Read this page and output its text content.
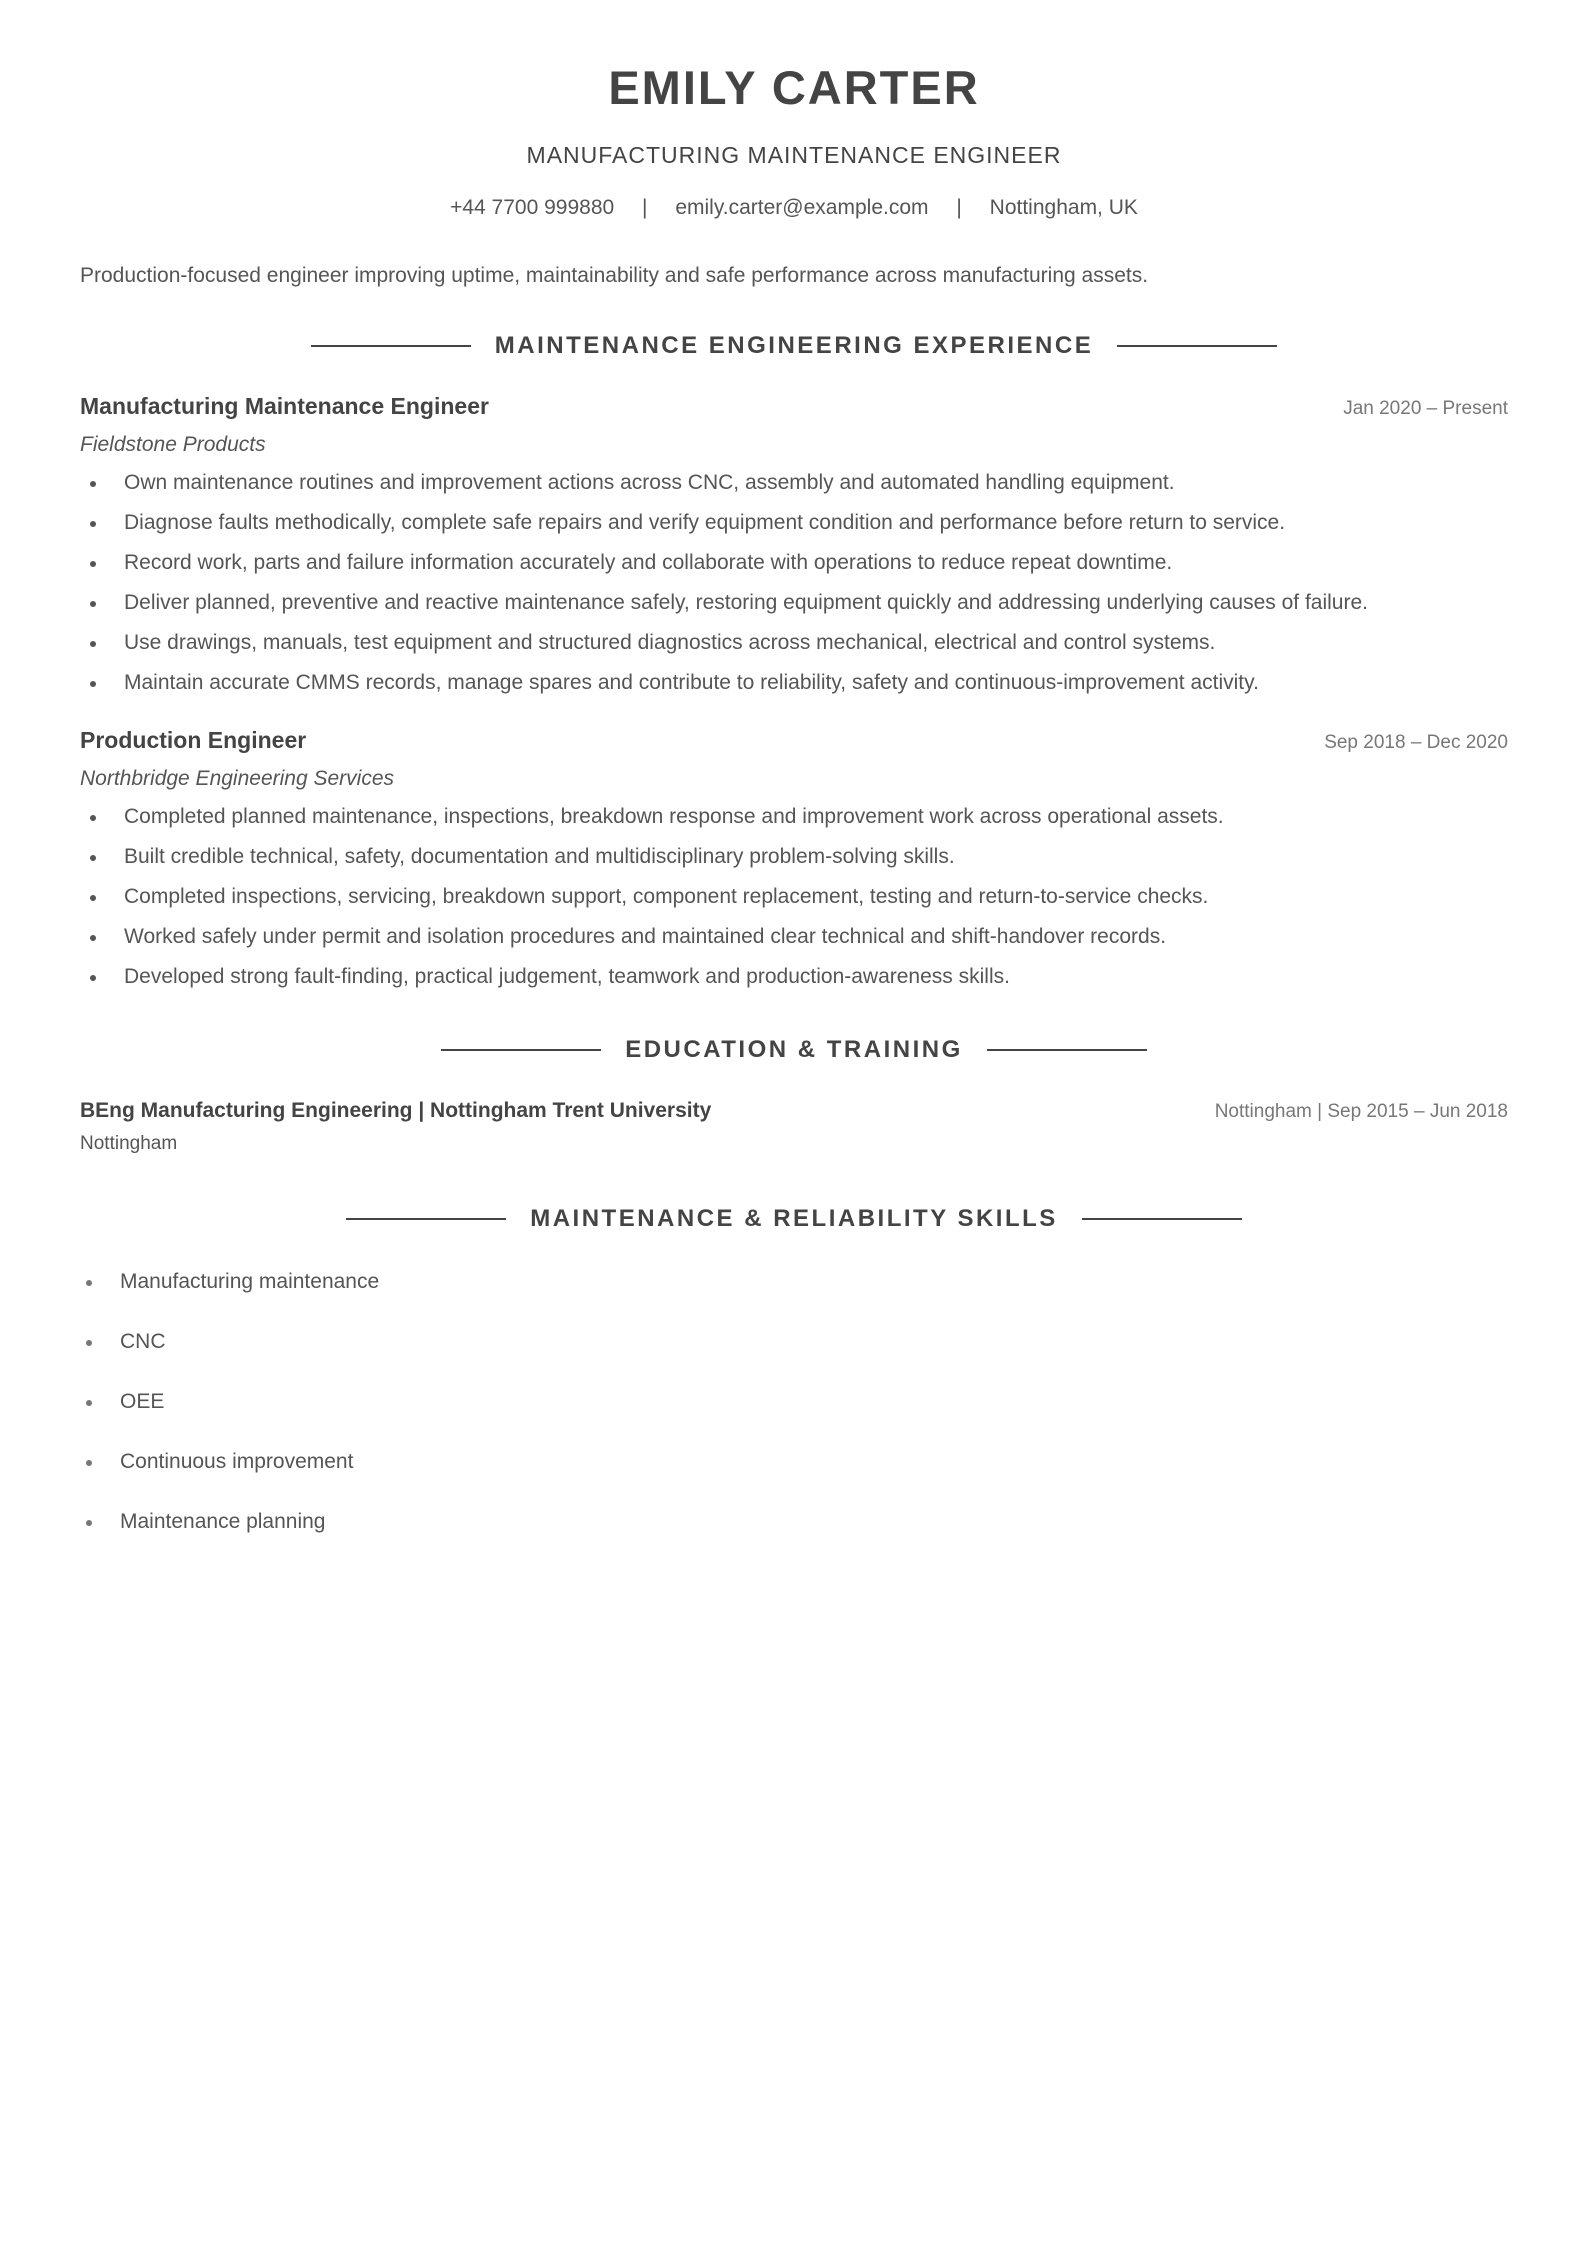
EMILY CARTER
MANUFACTURING MAINTENANCE ENGINEER
+44 7700 999880 | emily.carter@example.com | Nottingham, UK
Production-focused engineer improving uptime, maintainability and safe performance across manufacturing assets.
MAINTENANCE ENGINEERING EXPERIENCE
Manufacturing Maintenance Engineer	Jan 2020 – Present
Fieldstone Products
Own maintenance routines and improvement actions across CNC, assembly and automated handling equipment.
Diagnose faults methodically, complete safe repairs and verify equipment condition and performance before return to service.
Record work, parts and failure information accurately and collaborate with operations to reduce repeat downtime.
Deliver planned, preventive and reactive maintenance safely, restoring equipment quickly and addressing underlying causes of failure.
Use drawings, manuals, test equipment and structured diagnostics across mechanical, electrical and control systems.
Maintain accurate CMMS records, manage spares and contribute to reliability, safety and continuous-improvement activity.
Production Engineer	Sep 2018 – Dec 2020
Northbridge Engineering Services
Completed planned maintenance, inspections, breakdown response and improvement work across operational assets.
Built credible technical, safety, documentation and multidisciplinary problem-solving skills.
Completed inspections, servicing, breakdown support, component replacement, testing and return-to-service checks.
Worked safely under permit and isolation procedures and maintained clear technical and shift-handover records.
Developed strong fault-finding, practical judgement, teamwork and production-awareness skills.
EDUCATION & TRAINING
BEng Manufacturing Engineering | Nottingham Trent University	Nottingham | Sep 2015 – Jun 2018
Nottingham
MAINTENANCE & RELIABILITY SKILLS
Manufacturing maintenance
CNC
OEE
Continuous improvement
Maintenance planning
